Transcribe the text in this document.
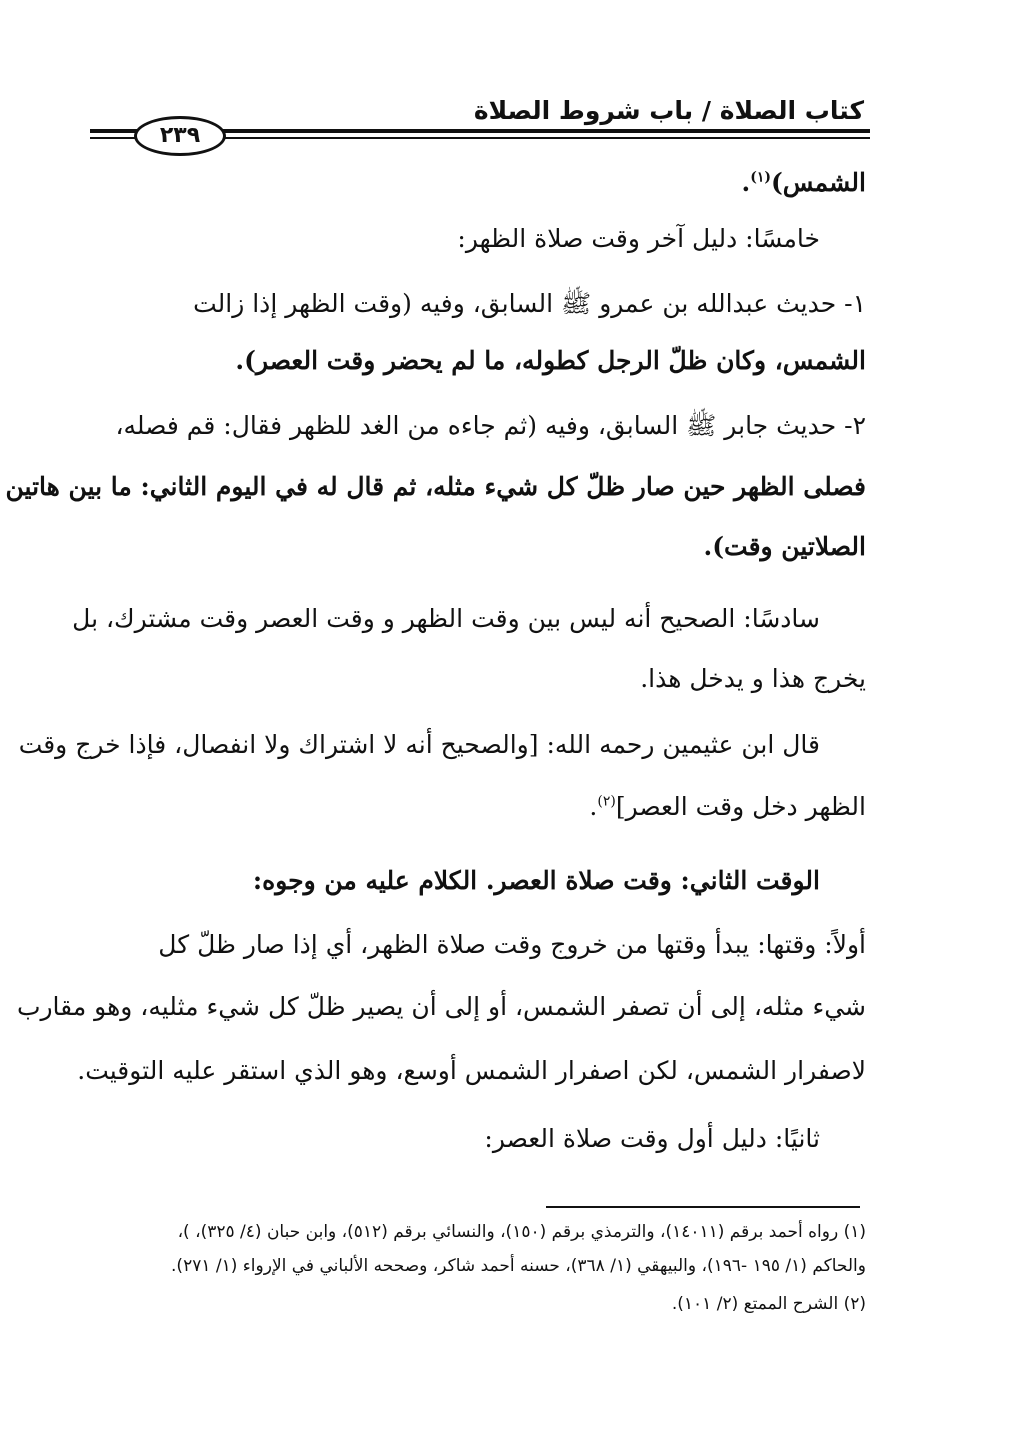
كتاب الصلاة / باب شروط الصلاة
٢٣٩
الشمس)$^{(١)}$.
خامسًا: دليل آخر وقت صلاة الظهر:
١- حديث عبدالله بن عمرو ﷺ السابق، وفيه (وقت الظهر إذا زالت
الشمس، وكان ظلّ الرجل كطوله، ما لم يحضر وقت العصر).
٢- حديث جابر ﷺ السابق، وفيه (ثم جاءه من الغد للظهر فقال: قم فصله،
فصلى الظهر حين صار ظلّ كل شيء مثله، ثم قال له في اليوم الثاني: ما بين هاتين
الصلاتين وقت).
سادسًا: الصحيح أنه ليس بين وقت الظهر و وقت العصر وقت مشترك، بل
يخرج هذا و يدخل هذا.
قال ابن عثيمين رحمه الله: [والصحيح أنه لا اشتراك ولا انفصال، فإذا خرج وقت
الظهر دخل وقت العصر]$^{(٢)}$.
الوقت الثاني: وقت صلاة العصر. الكلام عليه من وجوه:
أولاً: وقتها: يبدأ وقتها من خروج وقت صلاة الظهر، أي إذا صار ظلّ كل
شيء مثله، إلى أن تصفر الشمس، أو إلى أن يصير ظلّ كل شيء مثليه، وهو مقارب
لاصفرار الشمس، لكن اصفرار الشمس أوسع، وهو الذي استقر عليه التوقيت.
ثانيًا: دليل أول وقت صلاة العصر:
(١) رواه أحمد برقم (١٤٠١١)، والترمذي برقم (١٥٠)، والنسائي برقم (٥١٢)، وابن حبان (٤/ ٣٢٥)، )،
والحاكم (١/ ١٩٥ -١٩٦)، والبيهقي (١/ ٣٦٨)، حسنه أحمد شاكر، وصححه الألباني في الإرواء (١/ ٢٧١).
(٢) الشرح الممتع (٢/ ١٠١).
